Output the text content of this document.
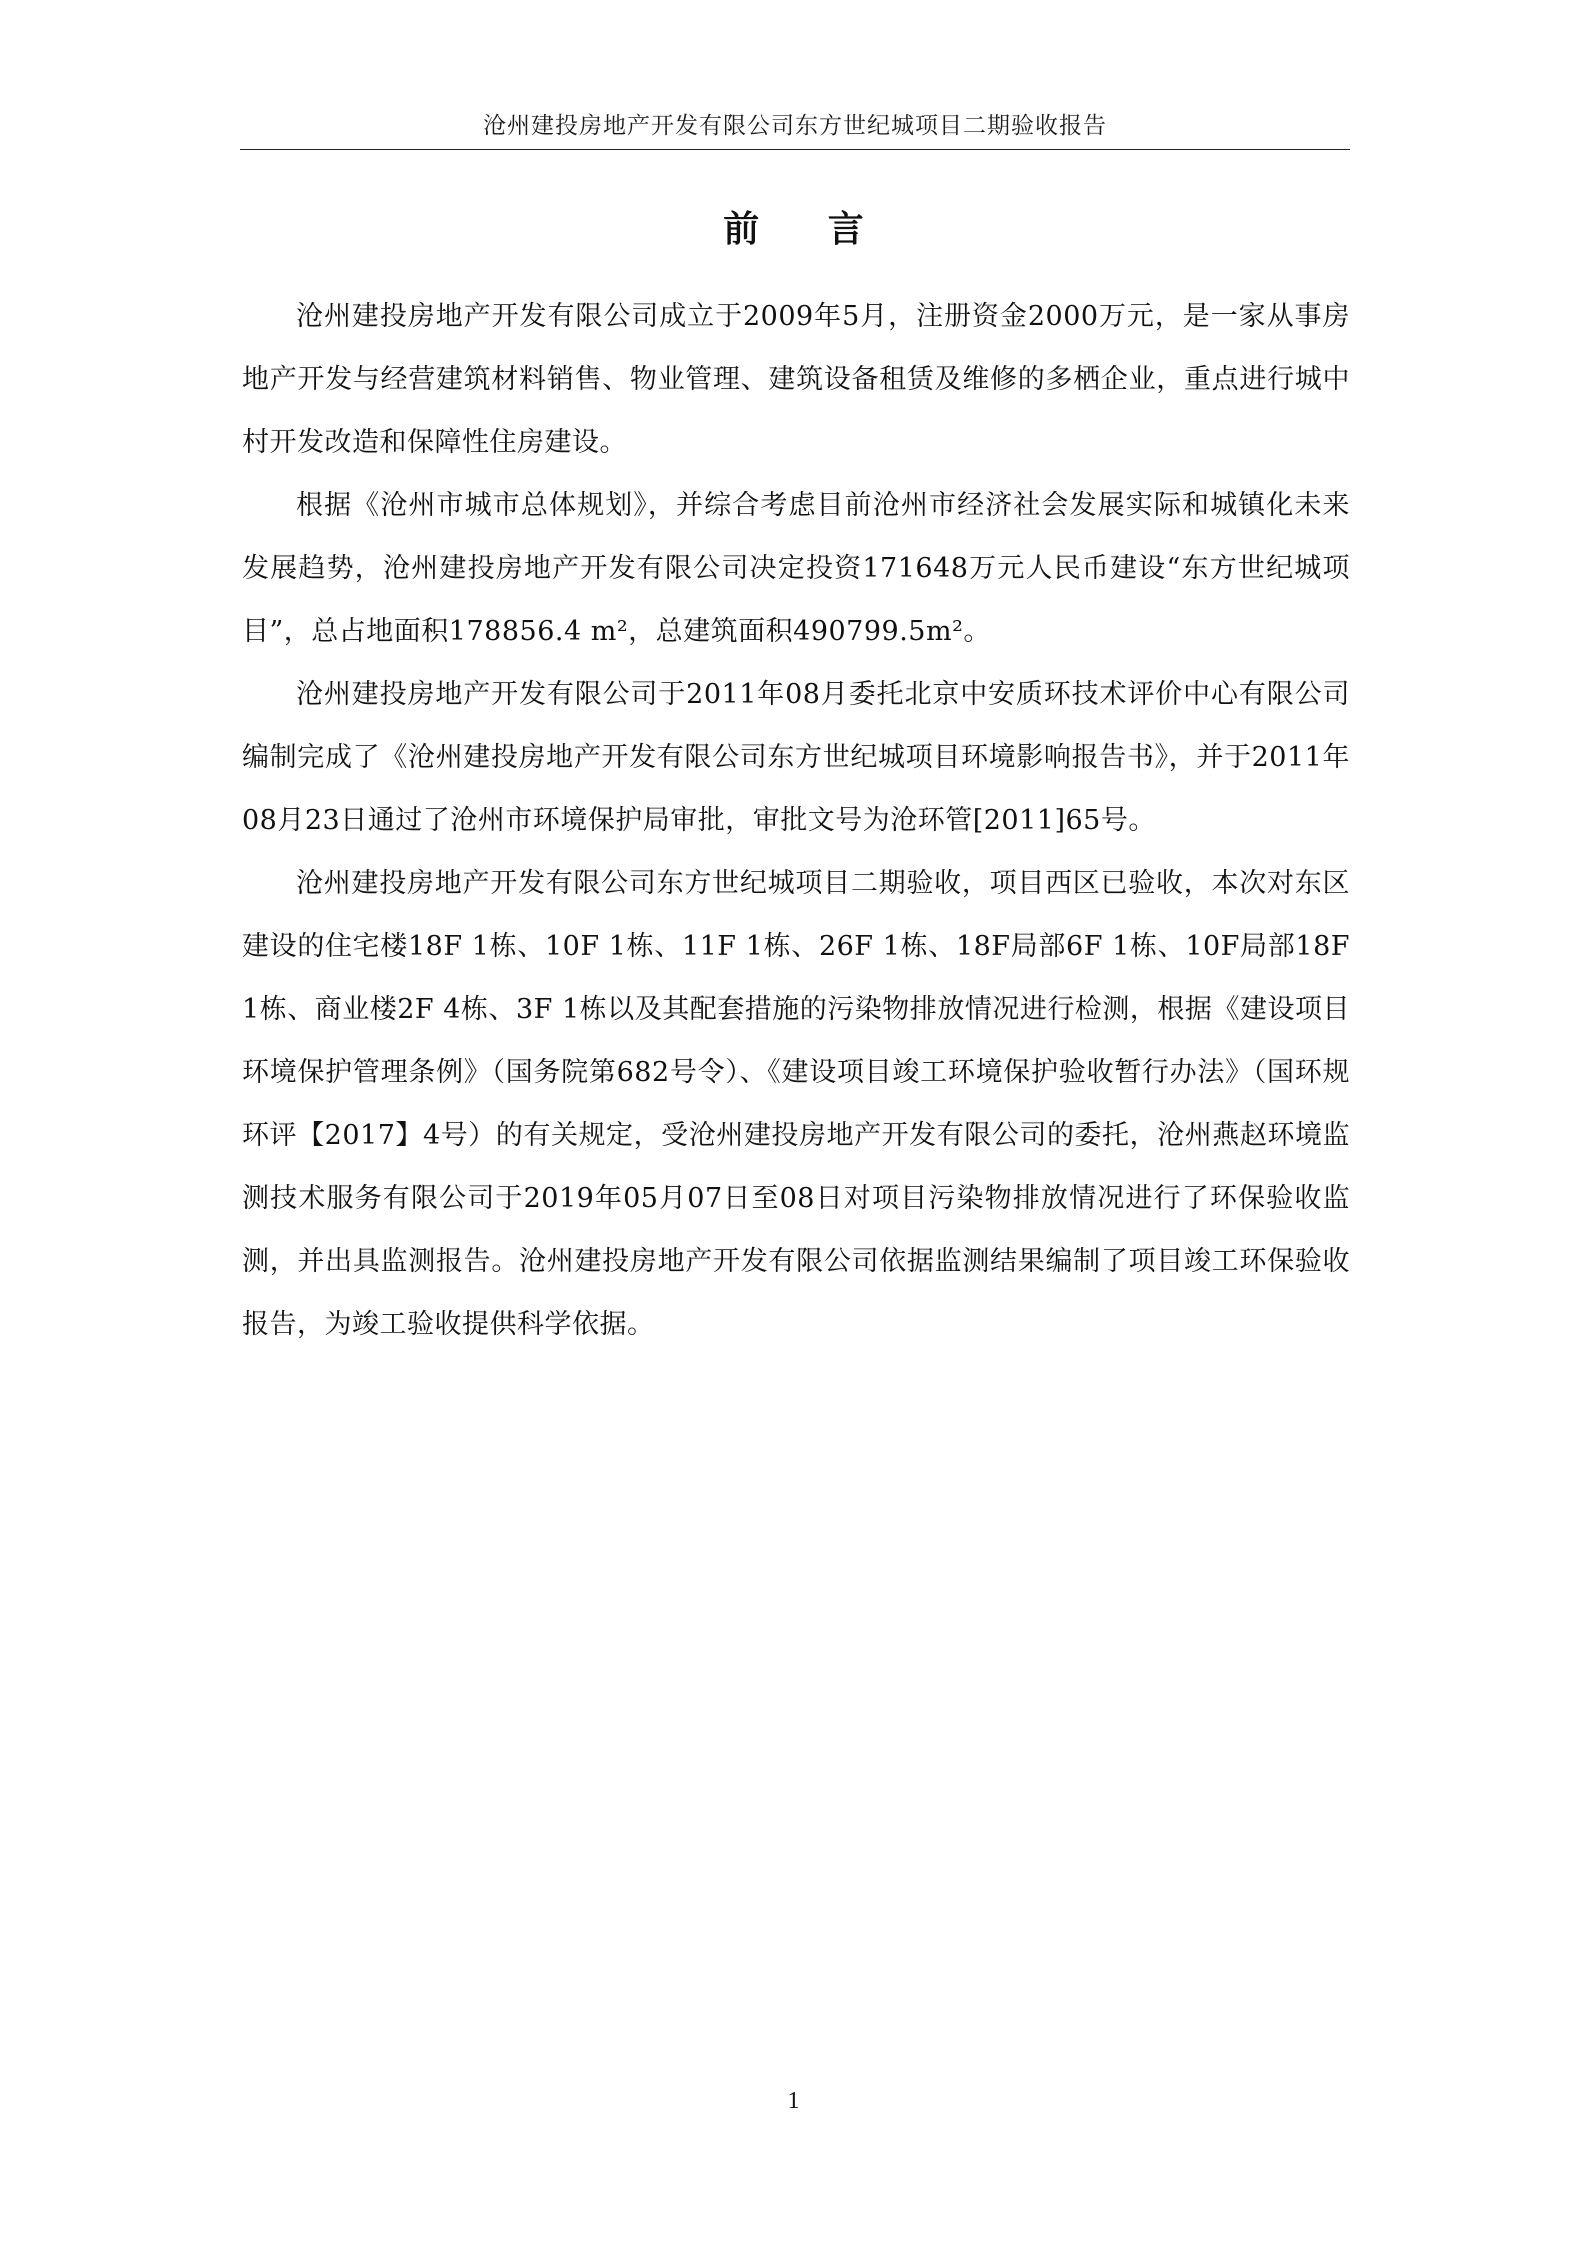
沧州建投房地产开发有限公司东方世纪城项目二期验收报告
前 言

沧州建投房地产开发有限公司成立于2009年5月，注册资金2000万元，是一家从事房地产开发与经营建筑材料销售、物业管理、建筑设备租赁及维修的多栖企业，重点进行城中村开发改造和保障性住房建设。

根据《沧州市城市总体规划》，并综合考虑目前沧州市经济社会发展实际和城镇化未来发展趋势，沧州建投房地产开发有限公司决定投资171648万元人民币建设“东方世纪城项目”，总占地面积178856.4 m²，总建筑面积490799.5m²。

沧州建投房地产开发有限公司于2011年08月委托北京中安质环技术评价中心有限公司编制完成了《沧州建投房地产开发有限公司东方世纪城项目环境影响报告书》，并于2011年08月23日通过了沧州市环境保护局审批，审批文号为沧环管[2011]65号。

沧州建投房地产开发有限公司东方世纪城项目二期验收，项目西区已验收，本次对东区建设的住宅楼18F 1栋、10F 1栋、11F 1栋、26F 1栋、18F局部6F 1栋、10F局部18F 1栋、商业楼2F 4栋、3F 1栋以及其配套措施的污染物排放情况进行检测，根据《建设项目环境保护管理条例》（国务院第682号令）、《建设项目竣工环境保护验收暂行办法》（国环规环评【2017】4号）的有关规定，受沧州建投房地产开发有限公司的委托，沧州燕赵环境监测技术服务有限公司于2019年05月07日至08日对项目污染物排放情况进行了环保验收监测，并出具监测报告。沧州建投房地产开发有限公司依据监测结果编制了项目竣工环保验收报告，为竣工验收提供科学依据。

1
